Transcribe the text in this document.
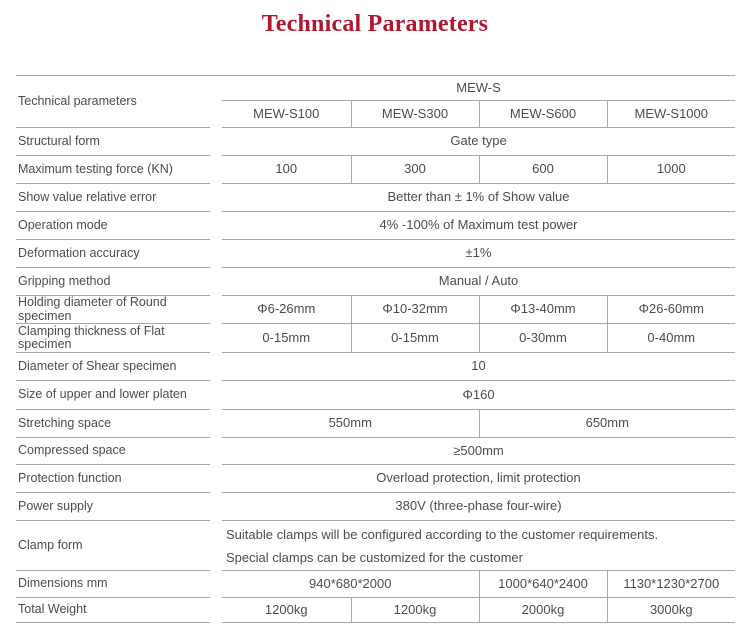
Technical Parameters
Technical parameters		MEW-S			
		MEW-S100	MEW-S300	MEW-S600	MEW-S1000
Structural form		Gate type			
Maximum testing force (KN)		100	300	600	1000
Show value relative error		Better than ± 1% of Show value			
Operation mode		4% -100% of Maximum test power			
Deformation accuracy		±1%			
Gripping method		Manual / Auto			
Holding diameter of Round specimen		Φ6-26mm	Φ10-32mm	Φ13-40mm	Φ26-60mm
Clamping thickness of Flat specimen		0-15mm	0-15mm	0-30mm	0-40mm
Diameter of Shear specimen		10			
Size of upper and lower platen		Φ160			
Stretching space		550mm		650mm	
Compressed space		≥500mm			
Protection function		Overload protection, limit protection			
Power supply		380V (three-phase four-wire)			
Clamp form		Suitable clamps will be configured according to the customer requirements.
Special clamps can be customized for the customer			

Dimensions mm		940*680*2000		1000*640*2400	1130*1230*2700
Total Weight		1200kg	1200kg	2000kg	3000kg
